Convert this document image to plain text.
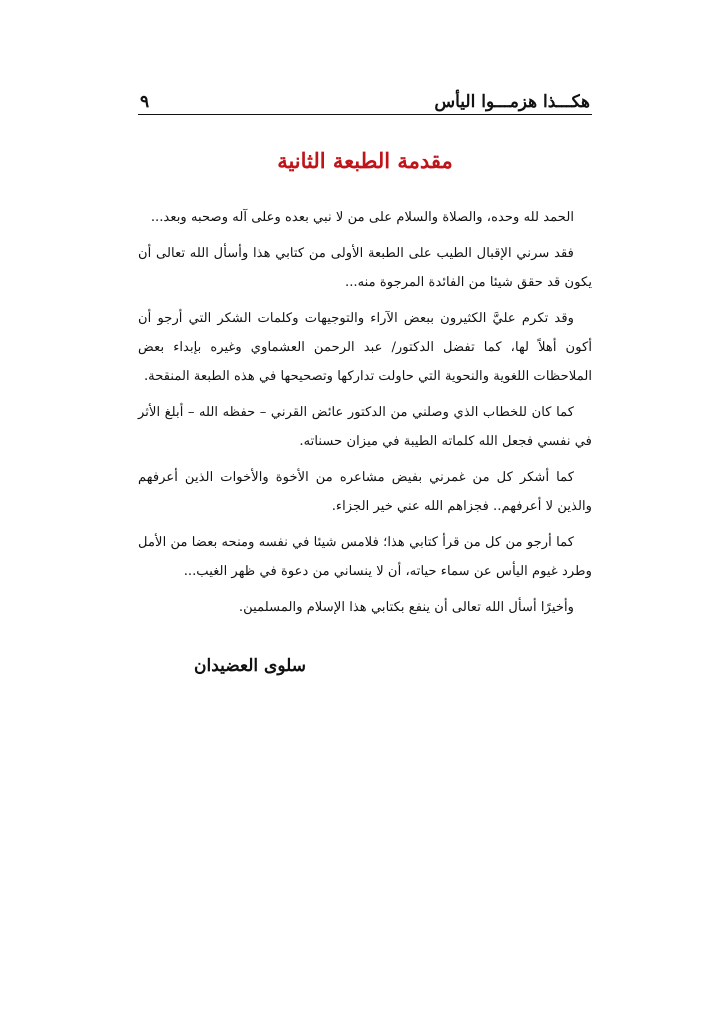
هكـــذا هزمـــوا اليأس
٩
مقدمة الطبعة الثانية

الحمد لله وحده، والصلاة والسلام على من لا نبي بعده وعلى آله وصحبه وبعد...

فقد سرني الإقبال الطيب على الطبعة الأولى من كتابي هذا وأسأل الله تعالى أن يكون قد حقق شيئا من الفائدة المرجوة منه...

وقد تكرم عليَّ الكثيرون ببعض الآراء والتوجيهات وكلمات الشكر التي أرجو أن أكون أهلاً لها، كما تفضل الدكتور/ عبد الرحمن العشماوي وغيره بإبداء بعض الملاحظات اللغوية والنحوية التي حاولت تداركها وتصحيحها في هذه الطبعة المنقحة.

كما كان للخطاب الذي وصلني من الدكتور عائض القرني – حفظه الله – أبلغ الأثر في نفسي فجعل الله كلماته الطيبة في ميزان حسناته.

كما أشكر كل من غمرني بفيض مشاعره من الأخوة والأخوات الذين أعرفهم والذين لا أعرفهم.. فجزاهم الله عني خير الجزاء.

كما أرجو من كل من قرأ كتابي هذا؛ فلامس شيئا في نفسه ومنحه بعضا من الأمل وطرد غيوم اليأس عن سماء حياته، أن لا ينساني من دعوة في ظهر الغيب...

وأخيرًا أسأل الله تعالى أن ينفع بكتابي هذا الإسلام والمسلمين.

سلوى العضيدان
